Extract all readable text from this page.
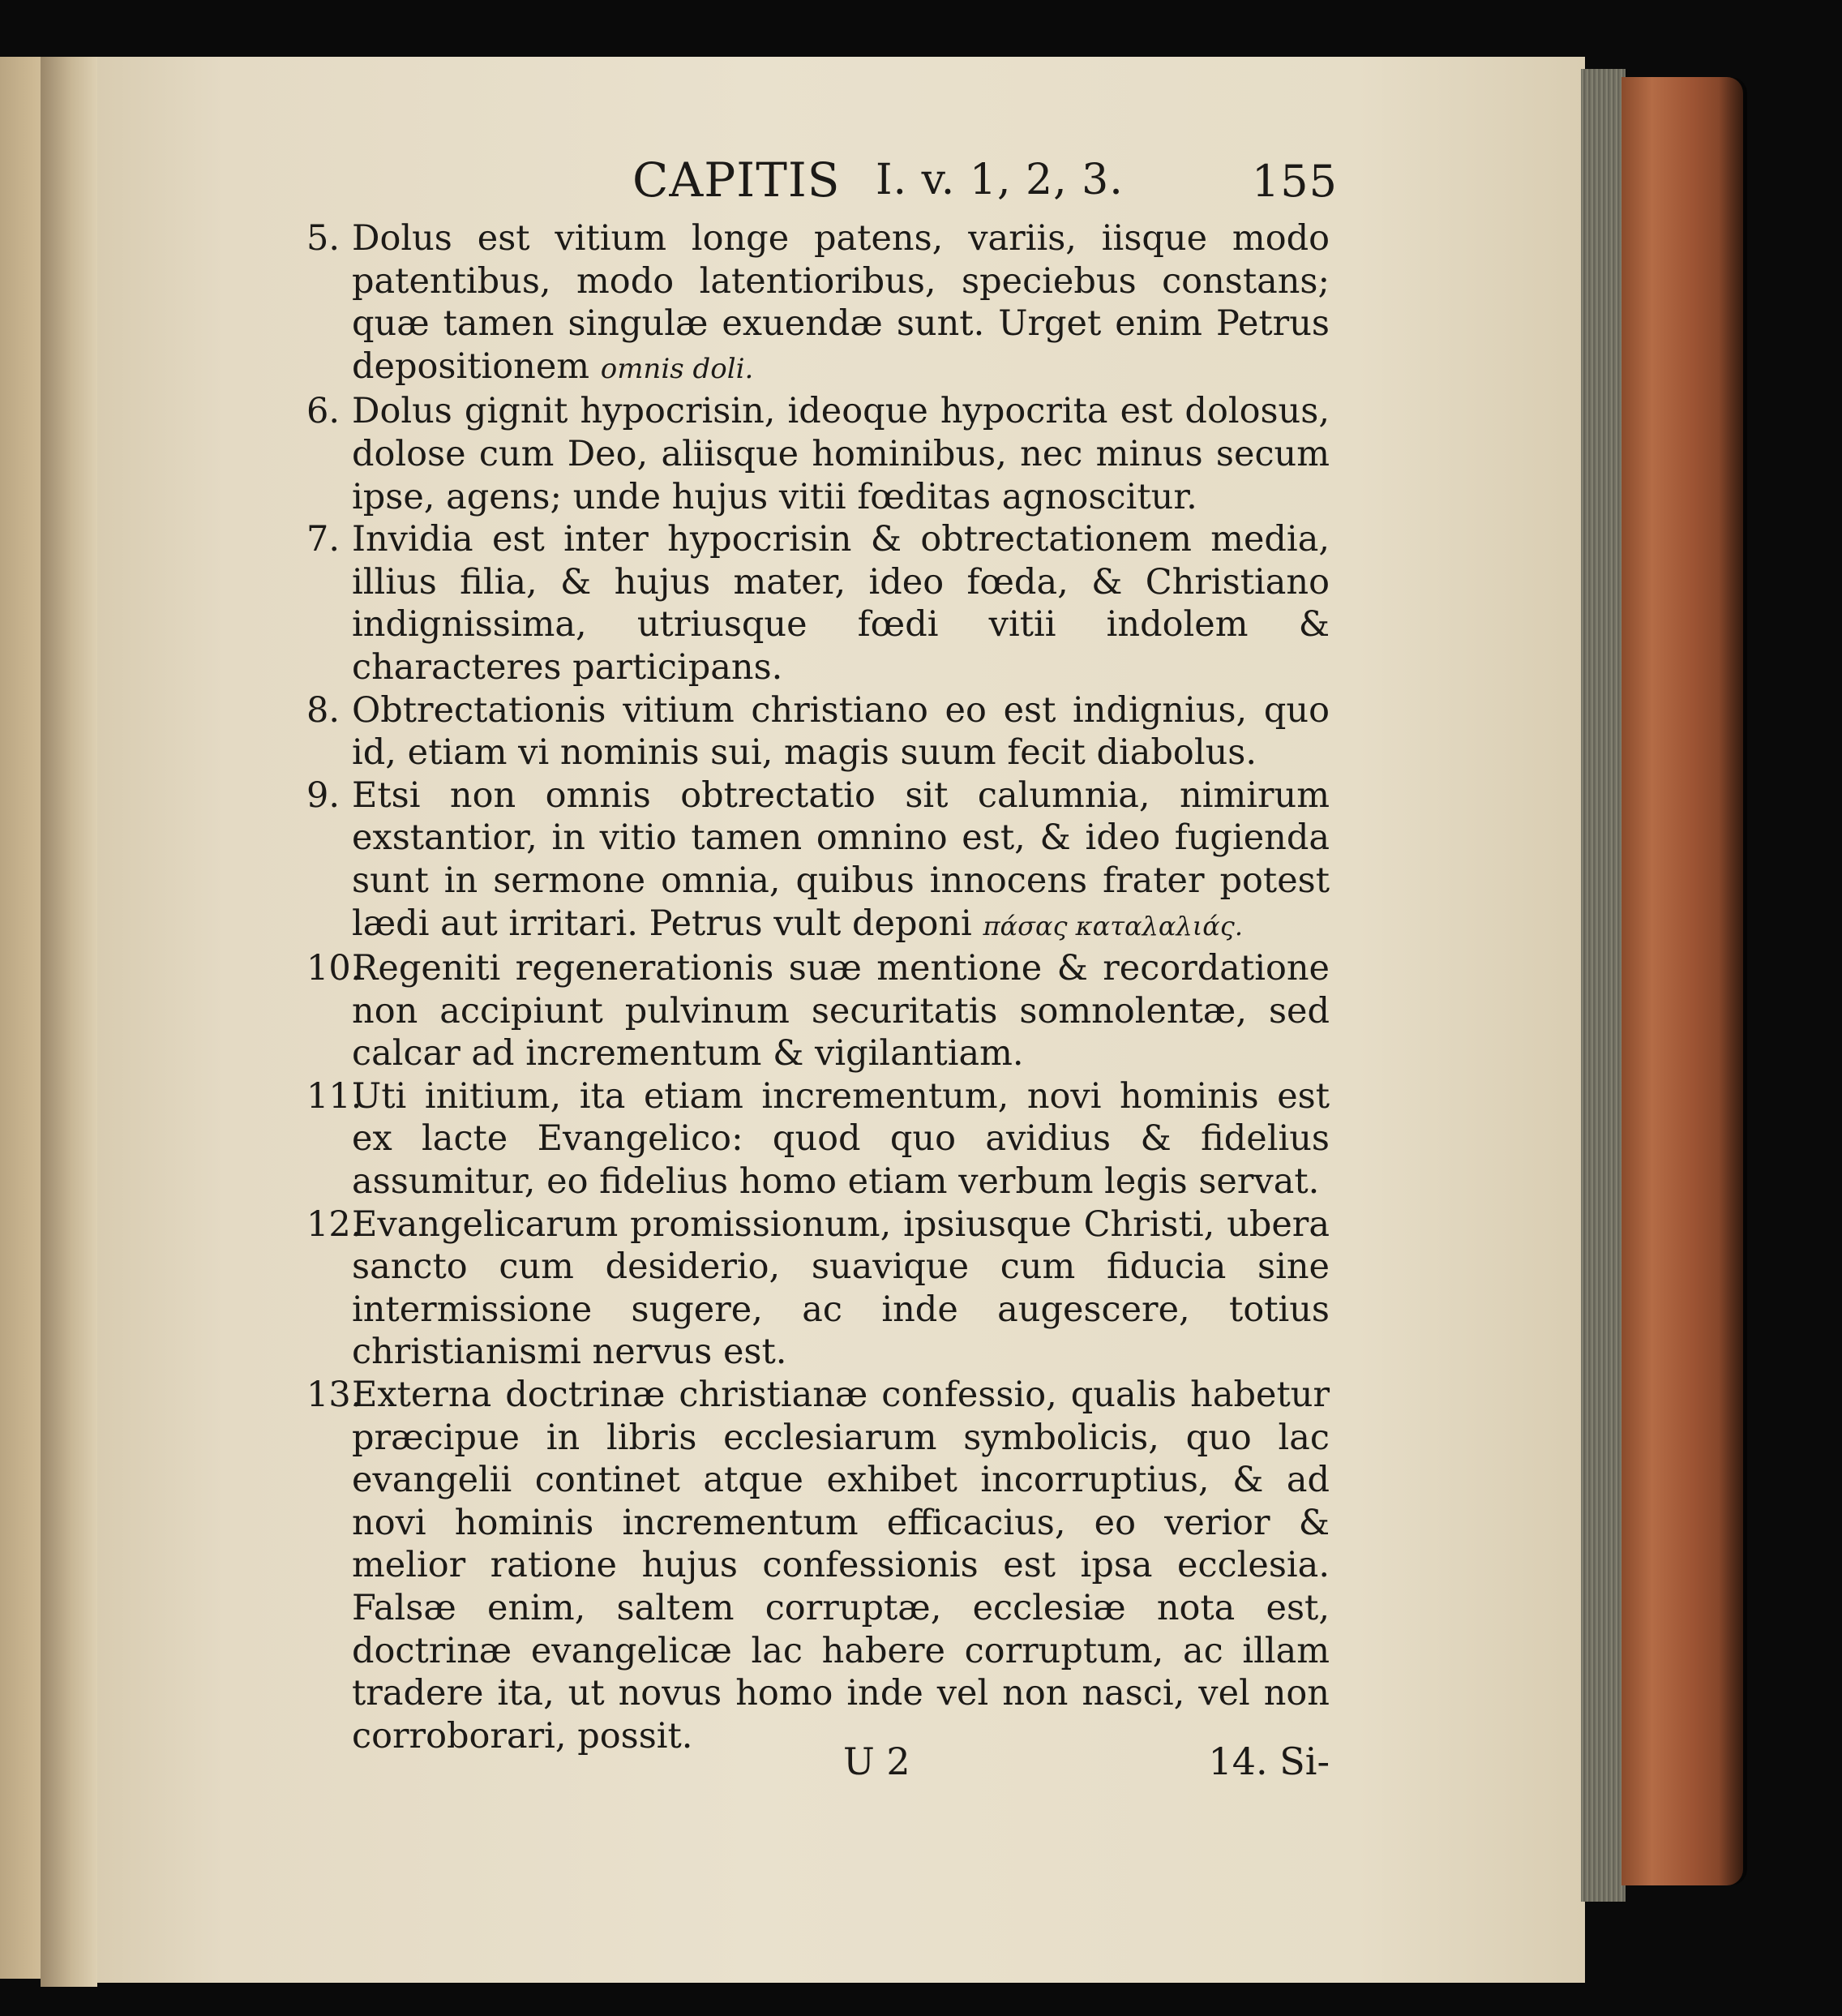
CAPITIS I. v. 1, 2, 3.	155
5. Dolus est vitium longe patens, variis, iisque modo patentibus, modo latentioribus, speciebus constans; quæ tamen singulæ exuendæ sunt. Urget enim Petrus depositionem omnis doli.
6. Dolus gignit hypocrisin, ideoque hypocrita est dolosus, dolose cum Deo, aliisque hominibus, nec minus secum ipse, agens; unde hujus vitii fœditas agnoscitur.
7. Invidia est inter hypocrisin & obtrectationem media, illius filia, & hujus mater, ideo fœda, & Christiano indignissima, utriusque fœdi vitii indolem & characteres participans.
8. Obtrectationis vitium christiano eo est indignius, quo id, etiam vi nominis sui, magis suum fecit diabolus.
9. Etsi non omnis obtrectatio sit calumnia, nimirum exstantior, in vitio tamen omnino est, & ideo fugienda sunt in sermone omnia, quibus innocens frater potest lædi aut irritari. Petrus vult deponi πάσας καταλαλιάς.
10.Regeniti regenerationis suæ mentione & recordatione non accipiunt pulvinum securitatis somnolentæ, sed calcar ad incrementum & vigilantiam.
11.Uti initium, ita etiam incrementum, novi hominis est ex lacte Evangelico: quod quo avidius & fidelius assumitur, eo fidelius homo etiam verbum legis servat.
12.Evangelicarum promissionum, ipsiusque Christi, ubera sancto cum desiderio, suavique cum fiducia sine intermissione sugere, ac inde augescere, totius christianismi nervus est.
13.Externa doctrinæ christianæ confessio, qualis habetur præcipue in libris ecclesiarum symbolicis, quo lac evangelii continet atque exhibet incorruptius, & ad novi hominis incrementum efficacius, eo verior & melior ratione hujus confessionis est ipsa ecclesia. Falsæ enim, saltem corruptæ, ecclesiæ nota est, doctrinæ evangelicæ lac habere corruptum, ac illam tradere ita, ut novus homo inde vel non nasci, vel non corroborari, possit.
U 2	14. Si-
